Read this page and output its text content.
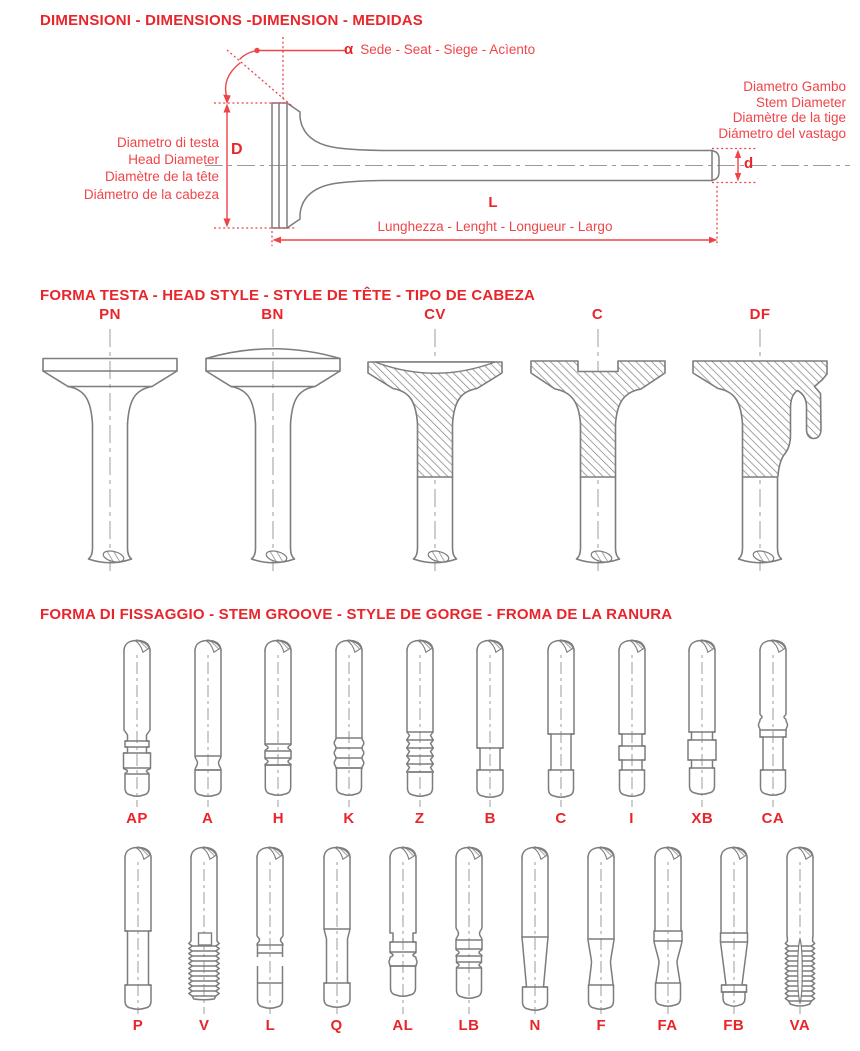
DIMENSIONI - DIMENSIONS -DIMENSION - MEDIDAS
α Sede - Seat - Siege - Acìento
Diametro di testa
Head Diameter
Diamètre de la tête
Diámetro de la cabeza
Diametro Gambo
Stem Diameter
Diamètre de la tige
Diámetro del vastago
D
d
L
Lunghezza - Lenght - Longueur - Largo
FORMA TESTA - HEAD STYLE - STYLE DE TÊTE - TIPO DE CABEZA
PN	BN	CV	C	DF
FORMA DI FISSAGGIO - STEM GROOVE - STYLE DE GORGE - FROMA DE LA RANURA
AP	A	H	K	Z	B	C	I	XB	CA
P	V	L	Q	AL	LB	N	F	FA	FB	VA
